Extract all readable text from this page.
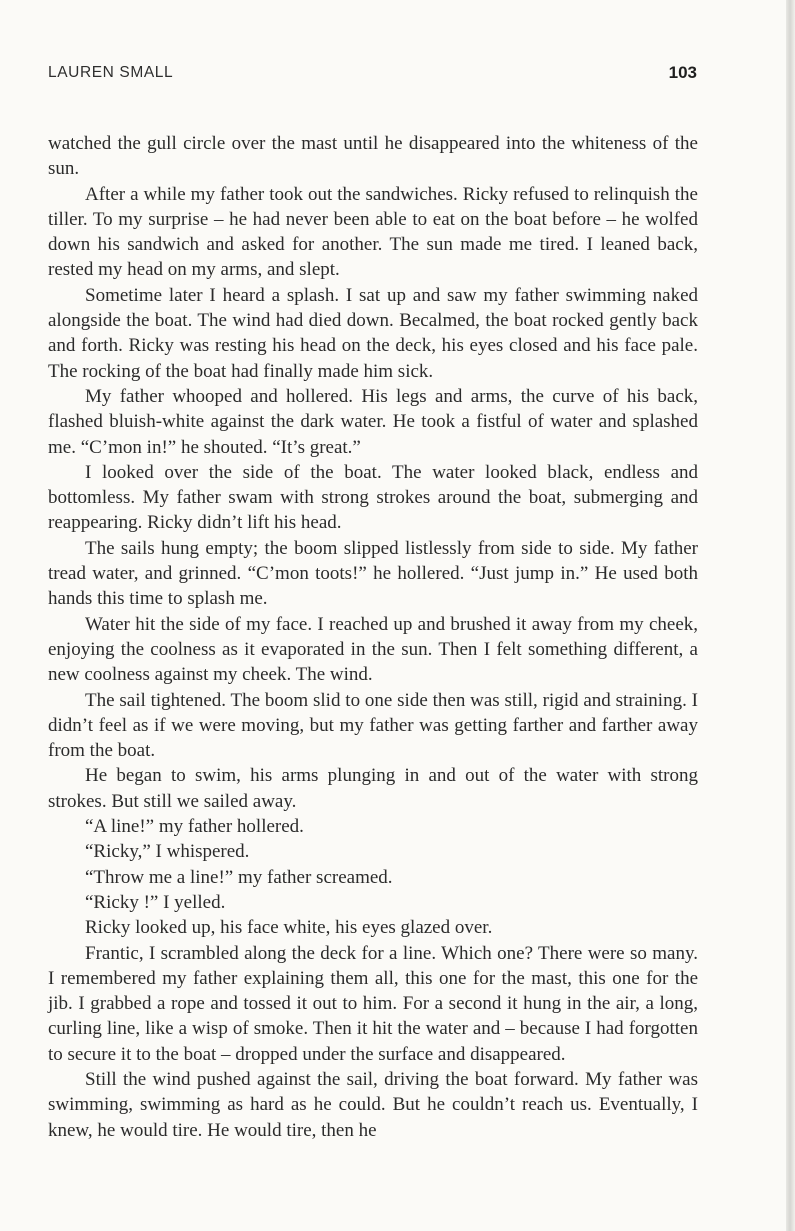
LAUREN SMALL	103

watched the gull circle over the mast until he disappeared into the whiteness of the sun.

After a while my father took out the sandwiches. Ricky refused to relinquish the tiller. To my surprise – he had never been able to eat on the boat before – he wolfed down his sandwich and asked for another. The sun made me tired. I leaned back, rested my head on my arms, and slept.

Sometime later I heard a splash. I sat up and saw my father swimming naked alongside the boat. The wind had died down. Becalmed, the boat rocked gently back and forth. Ricky was resting his head on the deck, his eyes closed and his face pale. The rocking of the boat had finally made him sick.

My father whooped and hollered. His legs and arms, the curve of his back, flashed bluish-white against the dark water. He took a fistful of water and splashed me. “C’mon in!” he shouted. “It’s great.”

I looked over the side of the boat. The water looked black, endless and bottomless. My father swam with strong strokes around the boat, submerging and reappearing. Ricky didn’t lift his head.

The sails hung empty; the boom slipped listlessly from side to side. My father tread water, and grinned. “C’mon toots!” he hollered. “Just jump in.” He used both hands this time to splash me.

Water hit the side of my face. I reached up and brushed it away from my cheek, enjoying the coolness as it evaporated in the sun. Then I felt something different, a new coolness against my cheek. The wind.

The sail tightened. The boom slid to one side then was still, rigid and straining. I didn’t feel as if we were moving, but my father was getting farther and farther away from the boat.

He began to swim, his arms plunging in and out of the water with strong strokes. But still we sailed away.

“A line!” my father hollered.

“Ricky,” I whispered.

“Throw me a line!” my father screamed.

“Ricky !” I yelled.

Ricky looked up, his face white, his eyes glazed over.

Frantic, I scrambled along the deck for a line. Which one? There were so many. I remembered my father explaining them all, this one for the mast, this one for the jib. I grabbed a rope and tossed it out to him. For a second it hung in the air, a long, curling line, like a wisp of smoke. Then it hit the water and – because I had forgotten to secure it to the boat – dropped under the surface and disappeared.

Still the wind pushed against the sail, driving the boat forward. My father was swimming, swimming as hard as he could. But he couldn’t reach us. Eventually, I knew, he would tire. He would tire, then he
